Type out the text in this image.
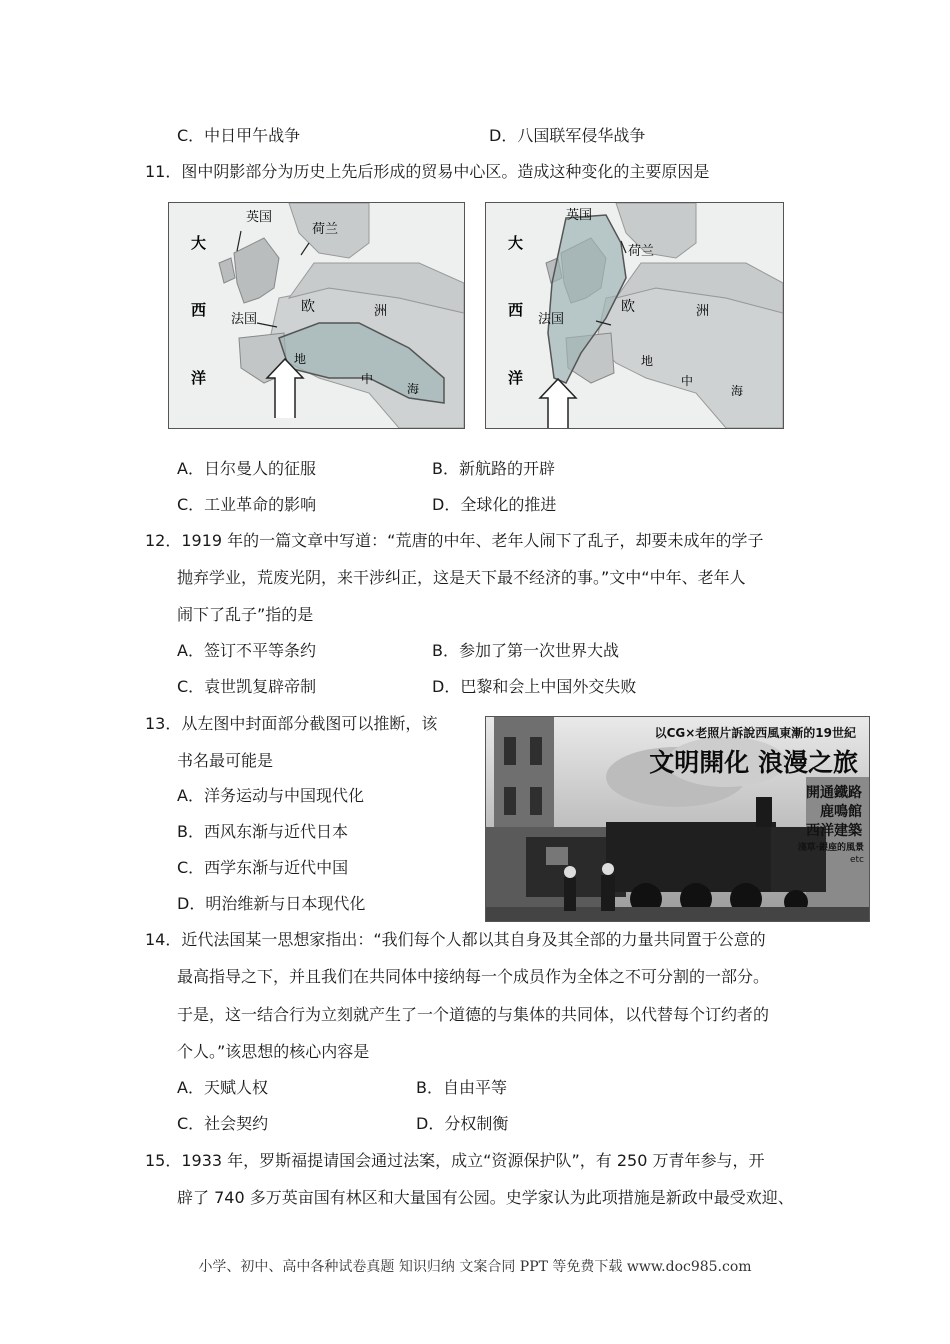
C．中日甲午战争	D．八国联军侵华战争
11．图中阴影部分为历史上先后形成的贸易中心区。造成这种变化的主要原因是
英国
荷兰
法国
大
西
洋
欧	洲
地
中
海
英国
荷兰
法国
大
西
洋
欧	洲
地
中
海
A．日尔曼人的征服	B．新航路的开辟
C．工业革命的影响	D．全球化的推进
12．1919 年的一篇文章中写道：“荒唐的中年、老年人闹下了乱子，却要未成年的学子
抛弃学业，荒废光阴，来干涉纠正，这是天下最不经济的事。”文中“中年、老年人
闹下了乱子”指的是
A．签订不平等条约	B．参加了第一次世界大战
C．袁世凯复辟帝制	D．巴黎和会上中国外交失败
13．从左图中封面部分截图可以推断，该
书名最可能是
A．洋务运动与中国现代化
B．西风东渐与近代日本
C．西学东渐与近代中国
D．明治维新与日本现代化
以CG×老照片訴說西風東漸的19世紀
文明開化 浪漫之旅
開通鐵路
鹿鳴館
西洋建築
淺草·銀座的風景
etc
14．近代法国某一思想家指出：“我们每个人都以其自身及其全部的力量共同置于公意的
最高指导之下，并且我们在共同体中接纳每一个成员作为全体之不可分割的一部分。
于是，这一结合行为立刻就产生了一个道德的与集体的共同体，以代替每个订约者的
个人。”该思想的核心内容是
A．天赋人权	B．自由平等
C．社会契约	D．分权制衡
15．1933 年，罗斯福提请国会通过法案，成立“资源保护队”，有 250 万青年参与，开
辟了 740 多万英亩国有林区和大量国有公园。史学家认为此项措施是新政中最受欢迎、
小学、初中、高中各种试卷真题 知识归纳 文案合同 PPT 等免费下载 www.doc985.com
